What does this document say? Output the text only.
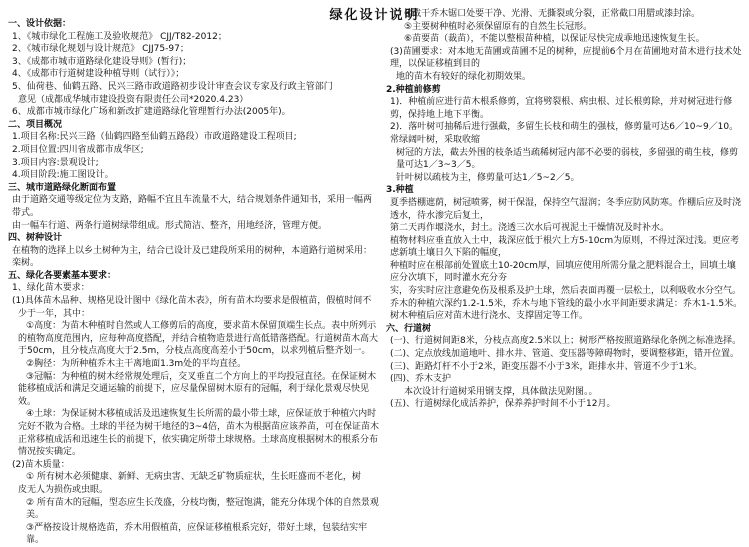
绿化设计说明

一、设计依据：

1、《城市绿化工程施工及验收规范》 CJJ/T82-2012；

2、《城市绿化规划与设计规范》 CJJ75-97；

3、《成都市城市道路绿化建设导则》(暂行)；

4、《成都市行道树建设种植导则（试行）》；

5、仙荷巷、仙鹤五路、民兴三路市政道路初步设计审查会议专家及行政主管部门

意见（成都成华城市建设投资有限责任公司*2020.4.23）

6、成都市城市绿化广场和新改扩建道路绿化管理暂行办法(2005年)。

二、项目概况

1.项目名称:民兴三路（仙鹤四路至仙鹤五路段）市政道路建设工程项目;

2.项目位置:四川省成都市成华区;

3.项目内容:景观设计;

4.项目阶段:施工图设计。

三、城市道路绿化断面布置

由于道路交通等级定位为支路，路幅不宜且车流量不大，结合规划条件通知书，采用一幅两带式。

由一幅车行道、两条行道树绿带组成。形式简洁、整齐，用地经济，管理方便。

四、树种设计

在植物的选择上以乡土树种为主，结合已设计及已建段所采用的树种，本道路行道树采用：栾树。

五、绿化各要素基本要求：

1、绿化苗木要求：

(1)具体苗木品种、规格见设计图中《绿化苗木表》，所有苗木均要求是假植苗，假植时间不

少于一年，其中：

①高度：为苗木种植时自然或人工修剪后的高度，要求苗木保留顶端生长点。表中所列示

的植物高度范围内，应每种高度搭配，并结合植物造景进行高低错落搭配。行道树苗木高大

于50cm，且分枝点高度大于2.5m，分枝点高度高差小于50cm，以求列植后整齐划一。

②胸径：为所种植乔木主干离地面1.3m处的平均直径。

③冠幅：为种植的树木经常规处理后，交叉垂直二个方向上的平均投冠直径。在保证树木

能移植成活和满足交通运输的前提下，应尽量保留树木原有的冠幅，利于绿化景观尽快见效。

④土球：为保证树木移植成活及迅速恢复生长所需的最小带土球，应保证放于种植穴内时

完好不散为合格。土球的半径为树干地径的3~4倍，苗木为根据苗应该养苗，可在保证苗木

正常移植成活和迅速生长的前提下，依实确定所带土球规格。土球高度根据树木的根系分布

情况按实确定。

(2)苗木质量：

① 所有树木必须健康、新鲜、无病虫害、无缺乏矿物质症状，生长旺盛而不老化，树

皮无人为损伤或虫眼。

② 所有苗木的冠幅，型态应生长茂盛，分枝均衡，整冠饱满，能充分体现个体的自然景观美。

③严格按设计规格选苗，乔木用假植苗，应保证移植根系完好，带好土球，包装结实牢靠。

④截干乔木锯口处要干净、光滑、无撕裂或分裂，正常截口用腊或漆封涂。

⑤主要树种植时必须保留原有的自然生长冠形。

⑥苗要苗（裁苗），不能以整根苗种植，以保证尽快完成乖地迅速恢复生长。

(3)苗圃要求：对本地无苗圃或苗圃不足的树种，应提前6个月在苗圃地对苗木进行技术处理，以保证移植到目的

地的苗木有较好的绿化初期效果。

2.种植前修剪

1)．种植前应进行苗木根系修剪，宜将劈裂根、病虫根、过长根剪除，并对树冠进行修剪，保持地上地下平衡。

2)．落叶树可抽稀后进行强截，多留生长枝和萌生的强枝，修剪量可达6／10~9／10。常绿阔叶树，采取收缩

树冠的方法，截去外围的枝条适当疏稀树冠内部不必要的弱枝，多留强的萌生枝，修剪量可达1／3~3／5。

针叶树以疏枝为主，修剪量可达1／5~2／5。

3.种植

夏季搭棚遮荫，树冠喷雾，树干保湿，保持空气湿润；冬季应防风防寒。作棚后应及时浇透水，待水渗完后复土，

第二天再作堰浇水，封土。浇透三次水后可视泥土干燥情况及时补水。

植物材料应垂直放入土中，栽深应低于根穴上方5-10cm为原则，不得过深过浅。更应考虑新填土壤日久下陷的幅度，

种植时应在根部前处置底土10-20cm厚，回填应使用所需分量之肥料混合土，回填土壤应分次填下，同时灌水充分夯

实，夯实时应注意避免伤及根系及护土球，然后表面再覆一层松土，以利吸收水分空气。

乔木的种植穴深约1.2-1.5米，乔木与地下管线的最小水平间距要求满足：乔木1-1.5米。

树木种植后应对苗木进行浇水、支撑固定等工作。

六、行道树

(一)、行道树间距8米，分枝点高度2.5米以上；树形严格按照道路绿化条例之标准选择。

(二)、定点放线加道地叶、排水井、管道、变压器等障碍物时，要调整移距，错开位置。

(三)、距路灯杆不小于2米，距变压器不小于3米，距排水井、管道不少于1米。

(四)、乔木支护

本次设计行道树采用钢支撑，具体做法见附图。。

(五)、行道树绿化成活养护，保养养护时间不小于12月。
